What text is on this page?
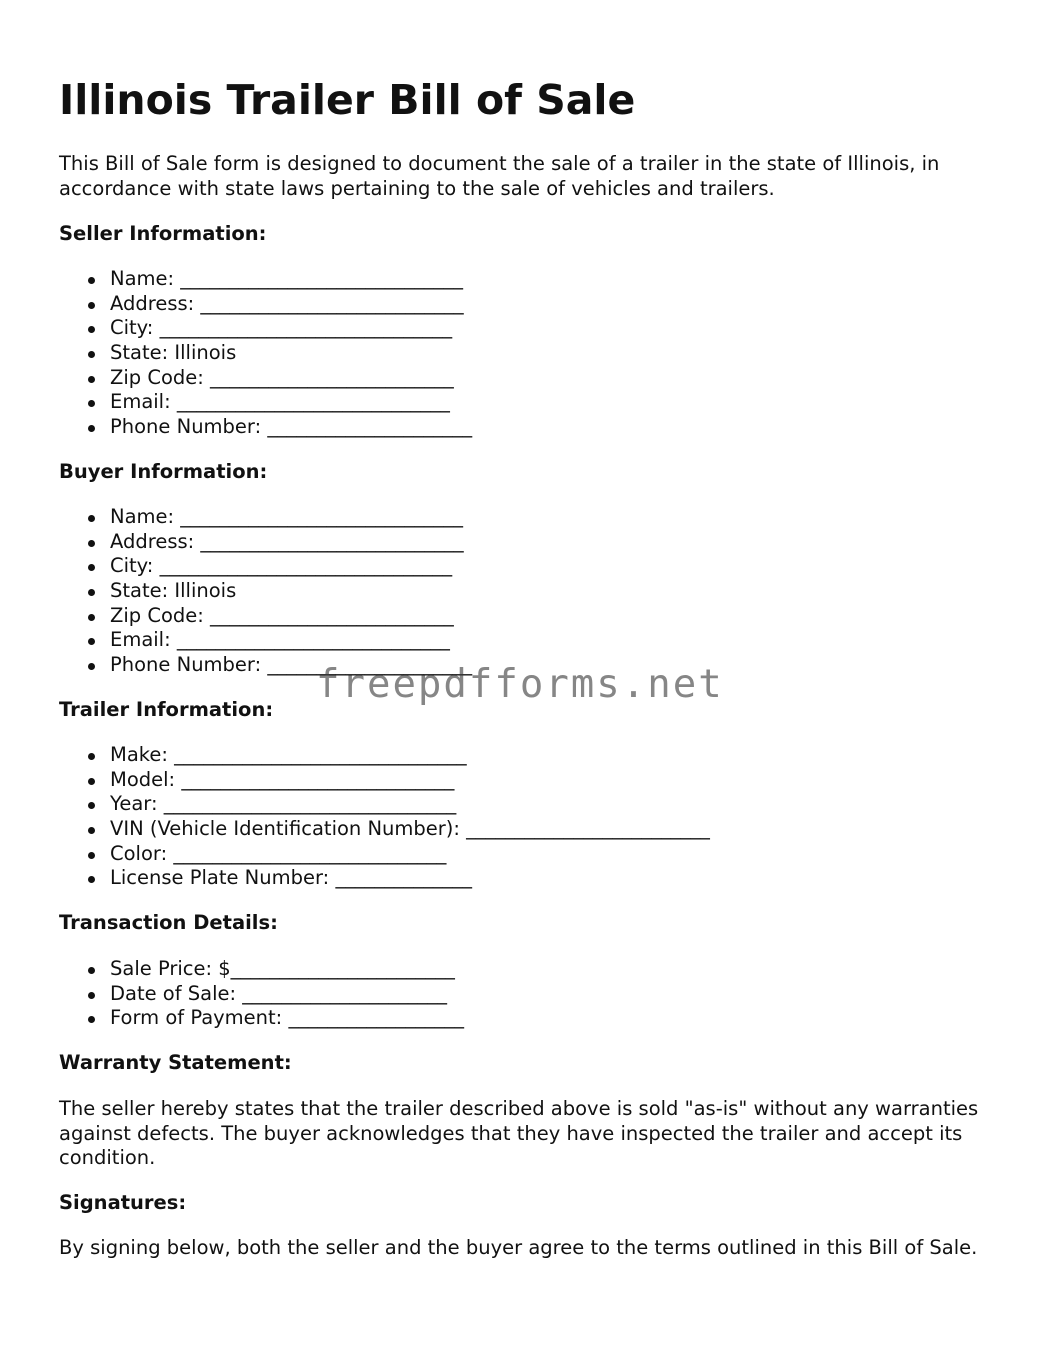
Illinois Trailer Bill of Sale

This Bill of Sale form is designed to document the sale of a trailer in the state of Illinois, in accordance with state laws pertaining to the sale of vehicles and trailers.

Seller Information:
Name: _____________________________
Address: ___________________________
City: ______________________________
State: Illinois
Zip Code: _________________________
Email: ____________________________
Phone Number: _____________________
Buyer Information:
Name: _____________________________
Address: ___________________________
City: ______________________________
State: Illinois
Zip Code: _________________________
Email: ____________________________
Phone Number: _____________________
Trailer Information:
Make: ______________________________
Model: ____________________________
Year: ______________________________
VIN (Vehicle Identification Number): _________________________
Color: ____________________________
License Plate Number: ______________
Transaction Details:
Sale Price: $_______________________
Date of Sale: _____________________
Form of Payment: __________________
Warranty Statement:

The seller hereby states that the trailer described above is sold "as-is" without any warranties against defects. The buyer acknowledges that they have inspected the trailer and accept its condition.

Signatures:

By signing below, both the seller and the buyer agree to the terms outlined in this Bill of Sale.

freepdfforms.net
